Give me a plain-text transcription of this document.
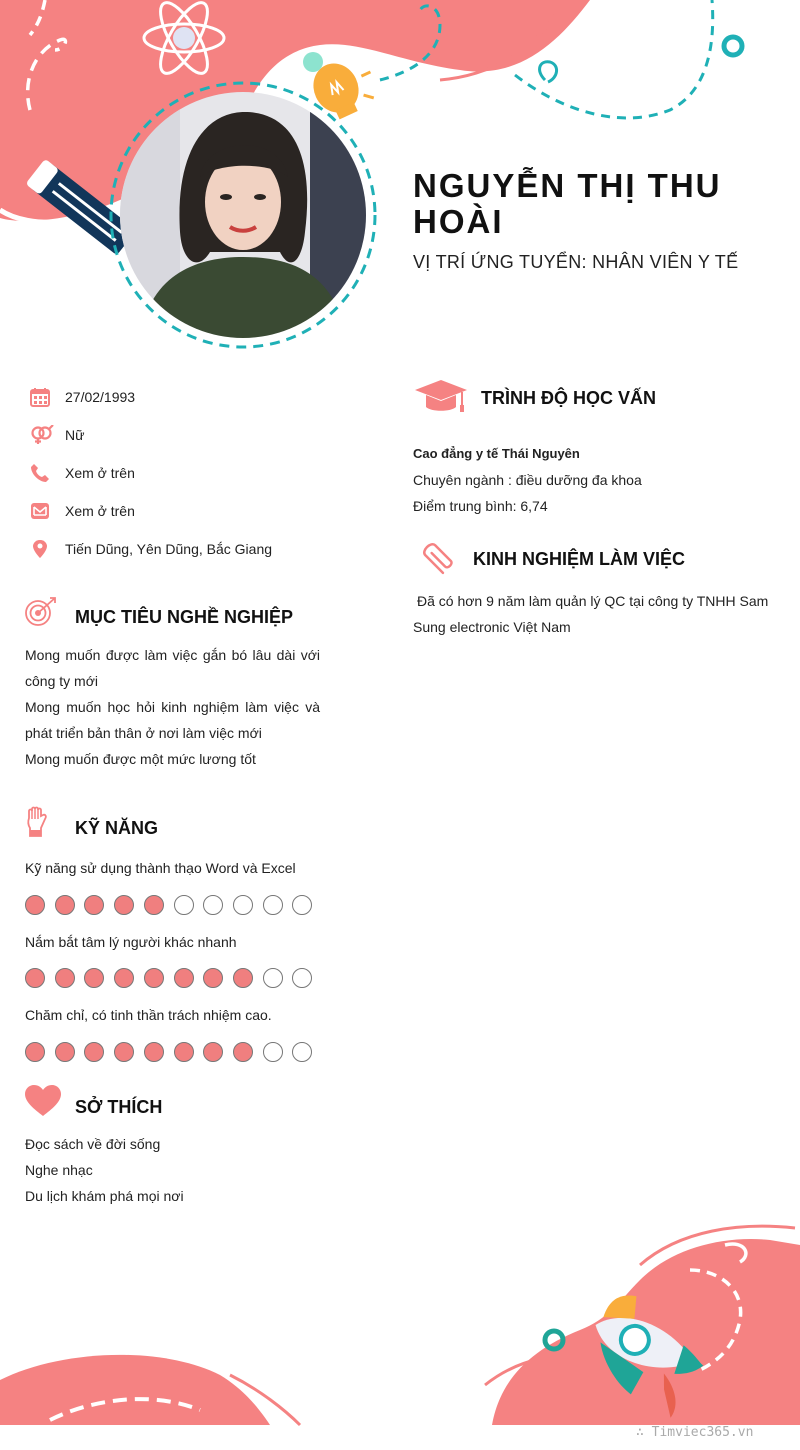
NGUYỄN THỊ THU HOÀI
VỊ TRÍ ỨNG TUYỂN: NHÂN VIÊN Y TẾ
27/02/1993
Nữ
Xem ở trên
Xem ở trên
Tiến Dũng, Yên Dũng, Bắc Giang
MỤC TIÊU NGHỀ NGHIỆP

Mong muốn được làm việc gắn bó lâu dài với công ty mới

Mong muốn học hỏi kinh nghiệm làm việc và phát triển bản thân ở nơi làm việc mới

Mong muốn được một mức lương tốt

KỸ NĂNG
Kỹ năng sử dụng thành thạo Word và Excel
Nắm bắt tâm lý người khác nhanh
Chăm chỉ, có tinh thần trách nhiệm cao.
SỞ THÍCH

Đọc sách về đời sống

Nghe nhạc

Du lịch khám phá mọi nơi

TRÌNH ĐỘ HỌC VẤN

Cao đẳng y tế Thái Nguyên

Chuyên ngành : điều dưỡng đa khoa

Điểm trung bình: 6,74

KINH NGHIỆM LÀM VIỆC
Đã có hơn 9 năm làm quản lý QC tại công ty TNHH Sam Sung electronic Việt Nam
∴ Timviec365.vn
